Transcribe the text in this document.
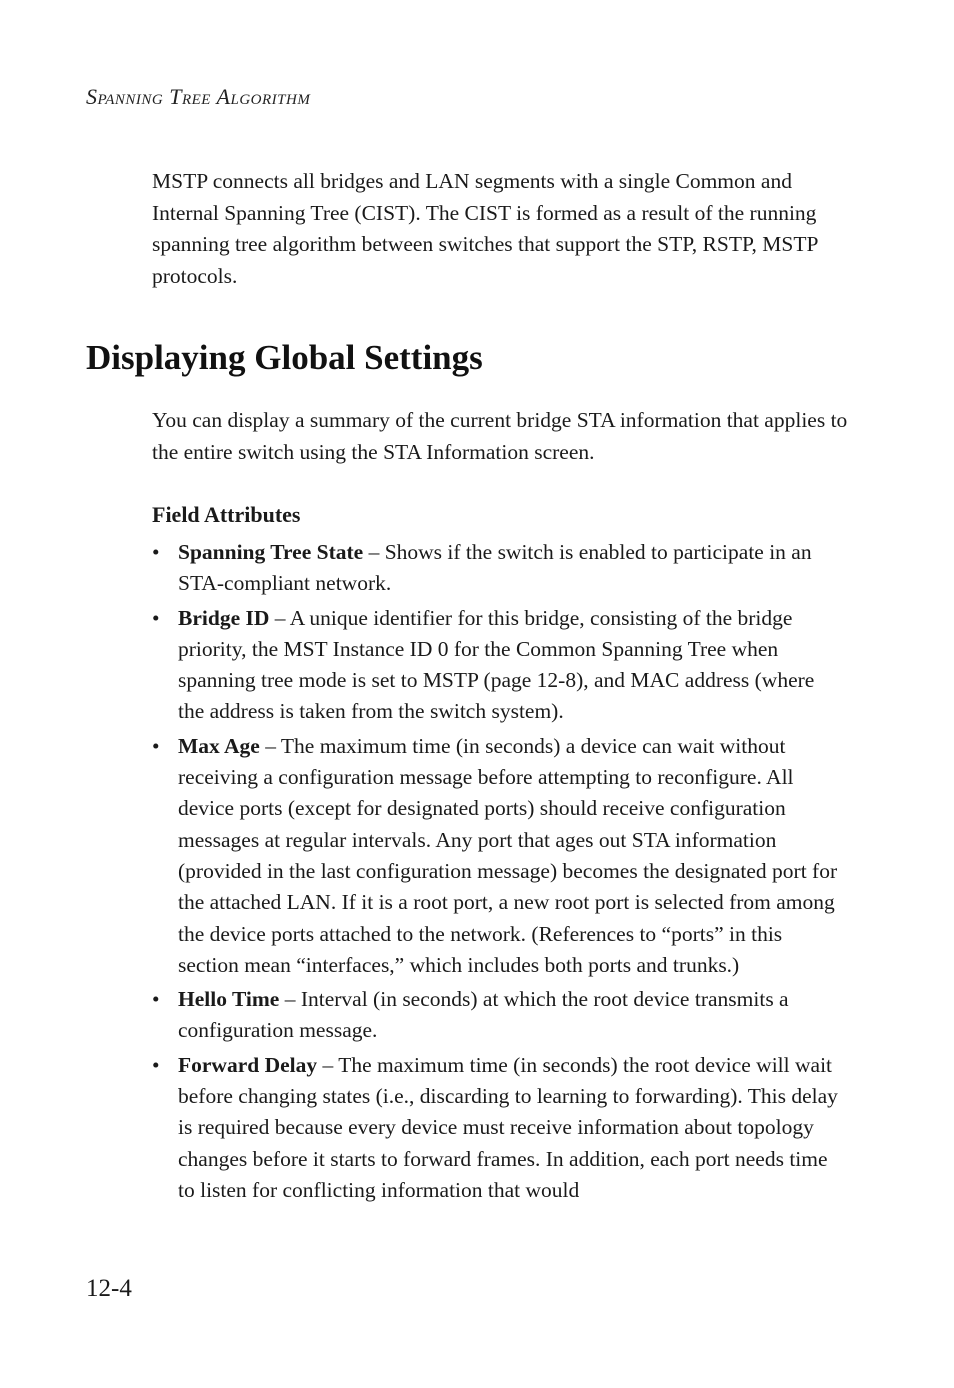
Spanning Tree Algorithm

MSTP connects all bridges and LAN segments with a single Common and Internal Spanning Tree (CIST). The CIST is formed as a result of the running spanning tree algorithm between switches that support the STP, RSTP, MSTP protocols.

Displaying Global Settings

You can display a summary of the current bridge STA information that applies to the entire switch using the STA Information screen.

Field Attributes
• Spanning Tree State – Shows if the switch is enabled to participate in an STA-compliant network.
• Bridge ID – A unique identifier for this bridge, consisting of the bridge priority, the MST Instance ID 0 for the Common Spanning Tree when spanning tree mode is set to MSTP (page 12-8), and MAC address (where the address is taken from the switch system).
• Max Age – The maximum time (in seconds) a device can wait without receiving a configuration message before attempting to reconfigure. All device ports (except for designated ports) should receive configuration messages at regular intervals. Any port that ages out STA information (provided in the last configuration message) becomes the designated port for the attached LAN. If it is a root port, a new root port is selected from among the device ports attached to the network. (References to “ports” in this section mean “interfaces,” which includes both ports and trunks.)
• Hello Time – Interval (in seconds) at which the root device transmits a configuration message.
• Forward Delay – The maximum time (in seconds) the root device will wait before changing states (i.e., discarding to learning to forwarding). This delay is required because every device must receive information about topology changes before it starts to forward frames. In addition, each port needs time to listen for conflicting information that would

12-4
